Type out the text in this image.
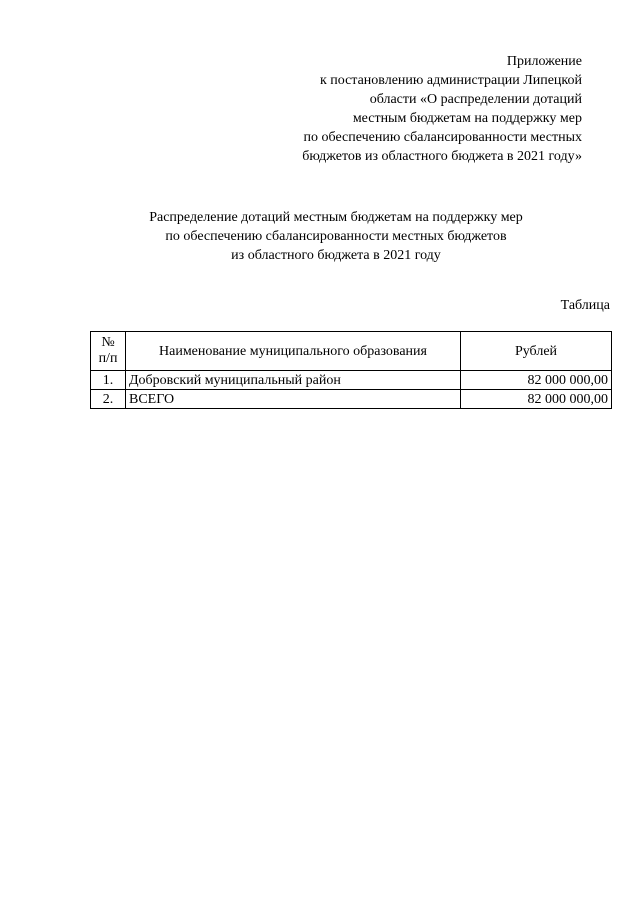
Приложение
к постановлению администрации Липецкой
области «О распределении дотаций
местным бюджетам на поддержку мер
по обеспечению сбалансированности местных
бюджетов из областного бюджета в 2021 году»
Распределение дотаций местным бюджетам на поддержку мер
по обеспечению сбалансированности местных бюджетов
из областного бюджета в 2021 году
Таблица
№
п/п	Наименование муниципального образования	Рублей
1.	Добровский муниципальный район	82 000 000,00
2.	ВСЕГО	82 000 000,00
